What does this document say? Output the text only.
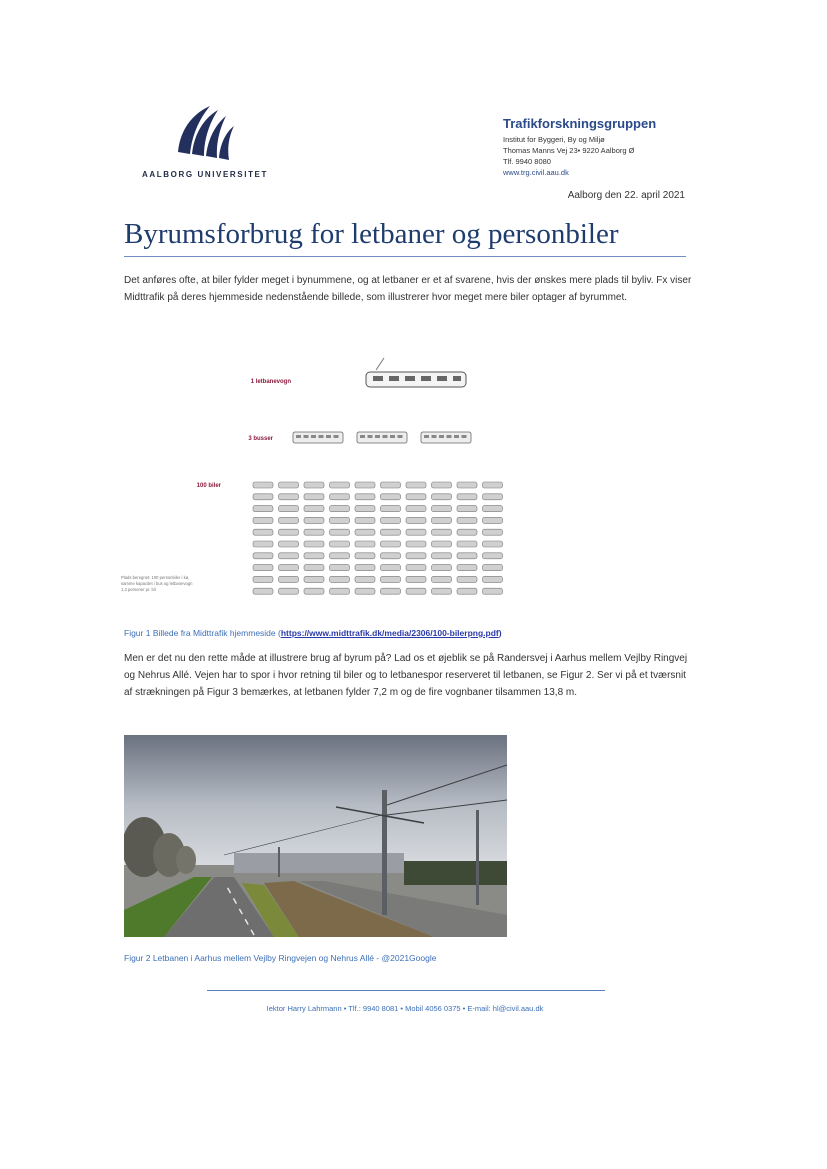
AALBORG UNIVERSITET
Trafikforskningsgruppen
Institut for Byggeri, By og Miljø
Thomas Manns Vej 23• 9220 Aalborg Ø
Tlf. 9940 8080
www.trg.civil.aau.dk
Aalborg den 22. april 2021
Byrumsforbrug for letbaner og personbiler
Det anføres ofte, at biler fylder meget i bynummene, og at letbaner er et af svarene, hvis der ønskes mere plads til byliv. Fx viser Midttrafik på deres hjemmeside nedenstående billede, som illustrerer hvor meget mere biler optager af byrummet.
1 letbanevogn
3 busser
100 biler
Plads beregnet: 100 personbiler i kø,
samme kapacitet i bus og letbanevogn
1,3 personer pr. bil
Figur 1 Billede fra Midttrafik hjemmeside (https://www.midttrafik.dk/media/2306/100-bilerpng.pdf)
Men er det nu den rette måde at illustrere brug af byrum på? Lad os et øjeblik se på Randersvej i Aarhus mellem Vejlby Ringvej og Nehrus Allé. Vejen har to spor i hvor retning til biler og to letbanespor reserveret til letbanen, se Figur 2. Ser vi på et tværsnit af strækningen på Figur 3 bemærkes, at letbanen fylder 7,2 m og de fire vognbaner tilsammen 13,8 m.
Figur 2 Letbanen i Aarhus mellem Vejlby Ringvejen og Nehrus Allé - @2021Google
Iektor Harry Lahrmann • Tlf.: 9940 8081 • Mobil 4056 0375 • E-mail: hl@civil.aau.dk
